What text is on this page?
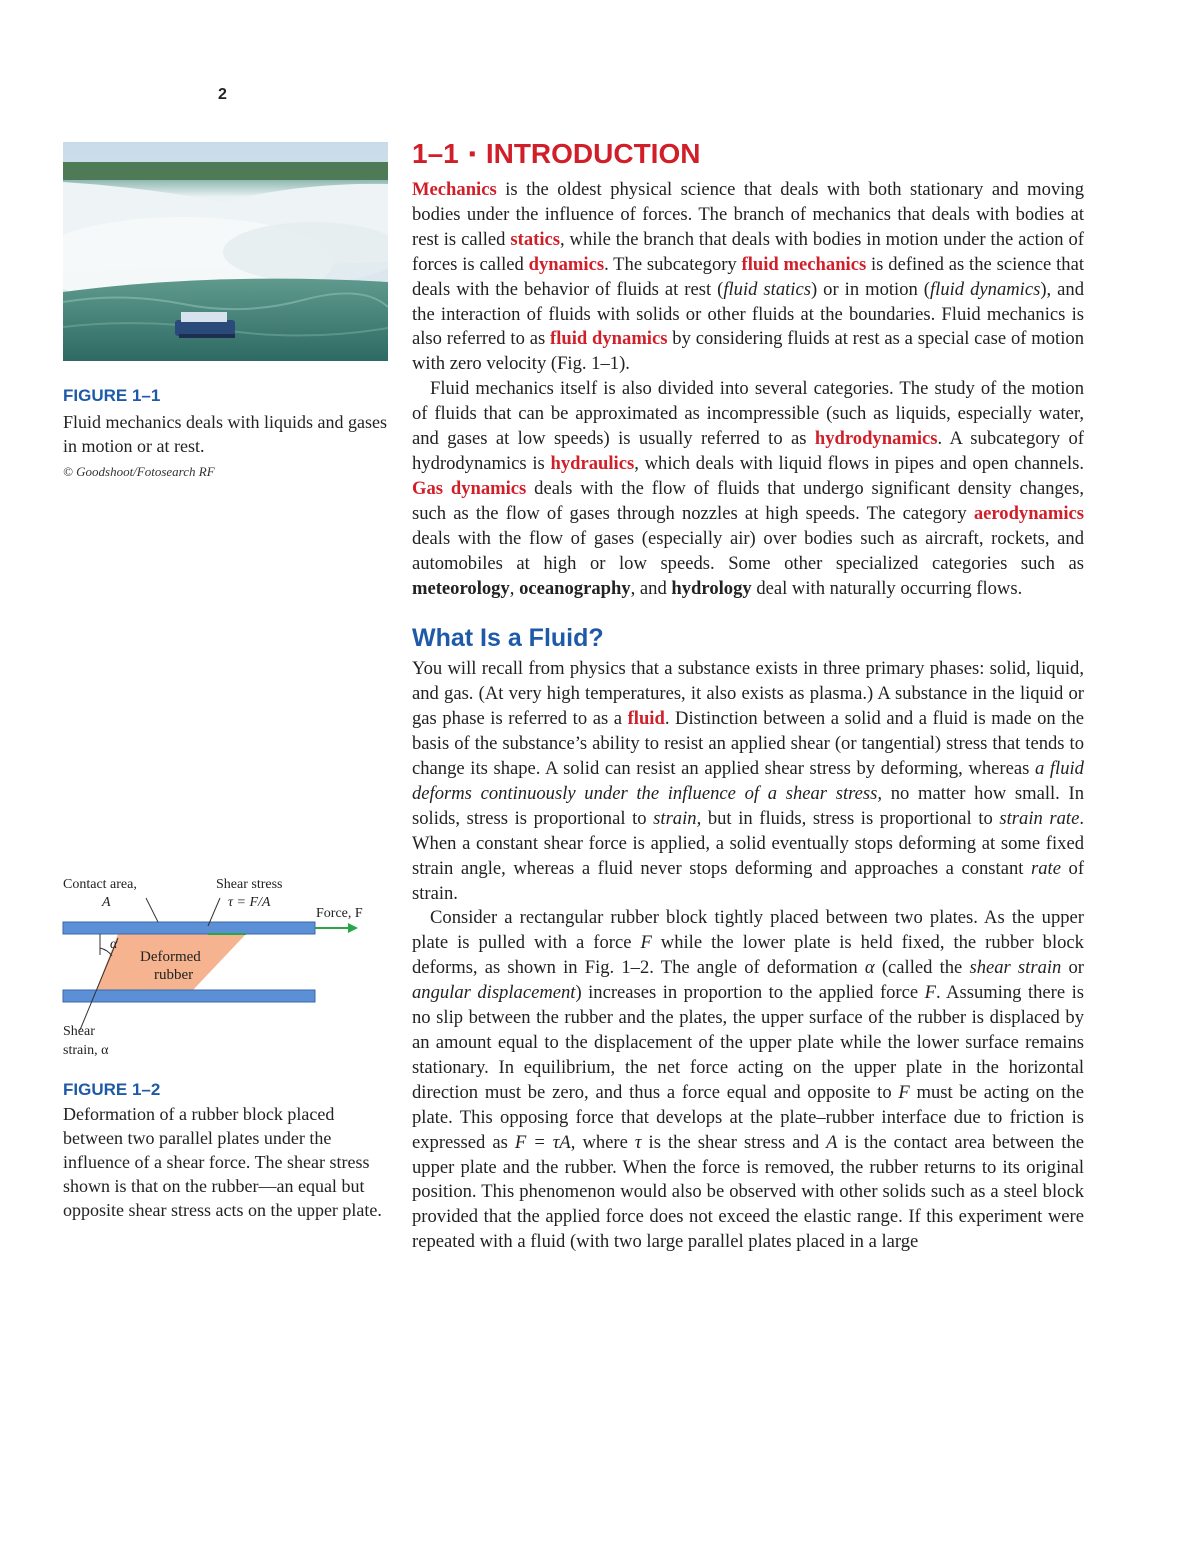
2
FIGURE 1–1
Fluid mechanics deals with liquids and gases in motion or at rest.
© Goodshoot/Fotosearch RF
Contact area,
A
Shear stress
τ = F/A
Force, F
α
Deformed
rubber
Shear
strain, α
FIGURE 1–2
Deformation of a rubber block placed between two parallel plates under the influence of a shear force. The shear stress shown is that on the rubber—an equal but opposite shear stress acts on the upper plate.
1–1 ▪ INTRODUCTION

Mechanics is the oldest physical science that deals with both stationary and moving bodies under the influence of forces. The branch of mechanics that deals with bodies at rest is called statics, while the branch that deals with bodies in motion under the action of forces is called dynamics. The subcategory fluid mechanics is defined as the science that deals with the behavior of fluids at rest (fluid statics) or in motion (fluid dynamics), and the interaction of fluids with solids or other fluids at the boundaries. Fluid mechanics is also referred to as fluid dynamics by considering fluids at rest as a special case of motion with zero velocity (Fig. 1–1).

Fluid mechanics itself is also divided into several categories. The study of the motion of fluids that can be approximated as incompressible (such as liquids, especially water, and gases at low speeds) is usually referred to as hydrodynamics. A subcategory of hydrodynamics is hydraulics, which deals with liquid flows in pipes and open channels. Gas dynamics deals with the flow of fluids that undergo significant density changes, such as the flow of gases through nozzles at high speeds. The category aerodynamics deals with the flow of gases (especially air) over bodies such as aircraft, rockets, and automobiles at high or low speeds. Some other specialized categories such as meteorology, oceanography, and hydrology deal with naturally occurring flows.

What Is a Fluid?

You will recall from physics that a substance exists in three primary phases: solid, liquid, and gas. (At very high temperatures, it also exists as plasma.) A substance in the liquid or gas phase is referred to as a fluid. Distinction between a solid and a fluid is made on the basis of the substance’s ability to resist an applied shear (or tangential) stress that tends to change its shape. A solid can resist an applied shear stress by deforming, whereas a fluid deforms continuously under the influence of a shear stress, no matter how small. In solids, stress is proportional to strain, but in fluids, stress is proportional to strain rate. When a constant shear force is applied, a solid eventually stops deforming at some fixed strain angle, whereas a fluid never stops deforming and approaches a constant rate of strain.

Consider a rectangular rubber block tightly placed between two plates. As the upper plate is pulled with a force F while the lower plate is held fixed, the rubber block deforms, as shown in Fig. 1–2. The angle of deformation α (called the shear strain or angular displacement) increases in proportion to the applied force F. Assuming there is no slip between the rubber and the plates, the upper surface of the rubber is displaced by an amount equal to the displacement of the upper plate while the lower surface remains stationary. In equilibrium, the net force acting on the upper plate in the horizontal direction must be zero, and thus a force equal and opposite to F must be acting on the plate. This opposing force that develops at the plate–rubber interface due to friction is expressed as F = τA, where τ is the shear stress and A is the contact area between the upper plate and the rubber. When the force is removed, the rubber returns to its original position. This phenomenon would also be observed with other solids such as a steel block provided that the applied force does not exceed the elastic range. If this experiment were repeated with a fluid (with two large parallel plates placed in a large
